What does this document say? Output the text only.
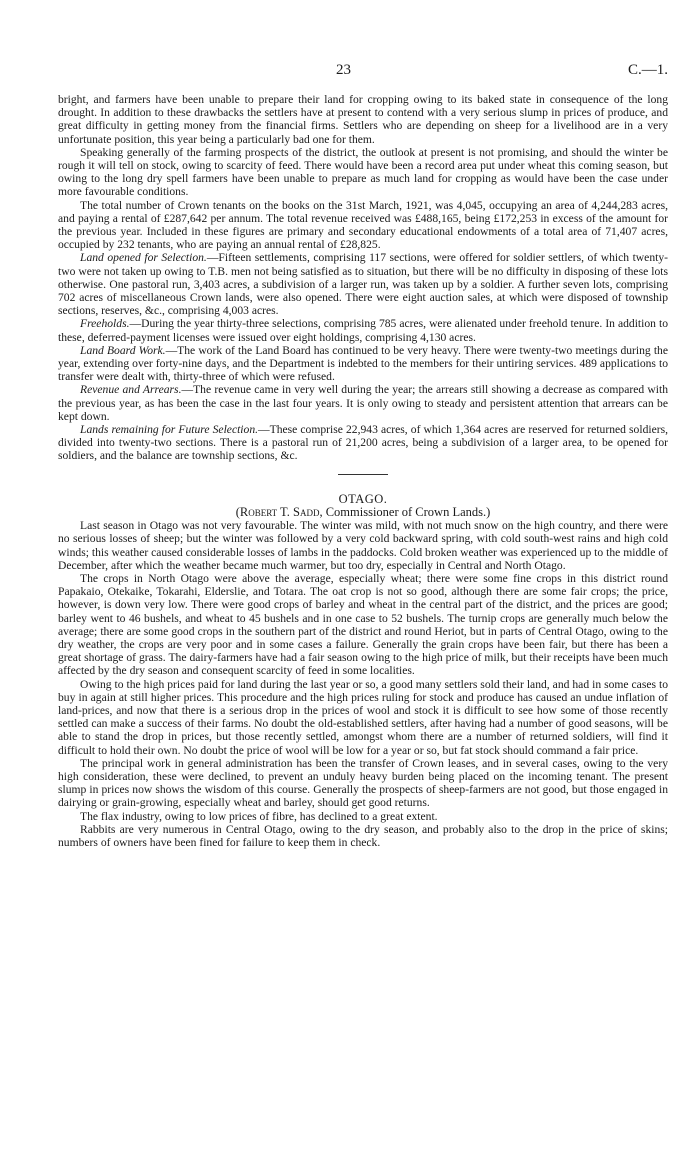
23	C.—1.

bright, and farmers have been unable to prepare their land for cropping owing to its baked state in consequence of the long drought. In addition to these drawbacks the settlers have at present to contend with a very serious slump in prices of produce, and great difficulty in getting money from the financial firms. Settlers who are depending on sheep for a livelihood are in a very unfortunate position, this year being a particularly bad one for them.

Speaking generally of the farming prospects of the district, the outlook at present is not promising, and should the winter be rough it will tell on stock, owing to scarcity of feed. There would have been a record area put under wheat this coming season, but owing to the long dry spell farmers have been unable to prepare as much land for cropping as would have been the case under more favourable conditions.

The total number of Crown tenants on the books on the 31st March, 1921, was 4,045, occupying an area of 4,244,283 acres, and paying a rental of £287,642 per annum. The total revenue received was £488,165, being £172,253 in excess of the amount for the previous year. Included in these figures are primary and secondary educational endowments of a total area of 71,407 acres, occupied by 232 tenants, who are paying an annual rental of £28,825.

Land opened for Selection.—Fifteen settlements, comprising 117 sections, were offered for soldier settlers, of which twenty-two were not taken up owing to T.B. men not being satisfied as to situation, but there will be no difficulty in disposing of these lots otherwise. One pastoral run, 3,403 acres, a subdivision of a larger run, was taken up by a soldier. A further seven lots, comprising 702 acres of miscellaneous Crown lands, were also opened. There were eight auction sales, at which were disposed of township sections, reserves, &c., comprising 4,003 acres.

Freeholds.—During the year thirty-three selections, comprising 785 acres, were alienated under freehold tenure. In addition to these, deferred-payment licenses were issued over eight holdings, comprising 4,130 acres.

Land Board Work.—The work of the Land Board has continued to be very heavy. There were twenty-two meetings during the year, extending over forty-nine days, and the Department is indebted to the members for their untiring services. 489 applications to transfer were dealt with, thirty-three of which were refused.

Revenue and Arrears.—The revenue came in very well during the year; the arrears still showing a decrease as compared with the previous year, as has been the case in the last four years. It is only owing to steady and persistent attention that arrears can be kept down.

Lands remaining for Future Selection.—These comprise 22,943 acres, of which 1,364 acres are reserved for returned soldiers, divided into twenty-two sections. There is a pastoral run of 21,200 acres, being a subdivision of a larger area, to be opened for soldiers, and the balance are township sections, &c.

OTAGO.

(Robert T. Sadd, Commissioner of Crown Lands.)

Last season in Otago was not very favourable. The winter was mild, with not much snow on the high country, and there were no serious losses of sheep; but the winter was followed by a very cold backward spring, with cold south-west rains and high cold winds; this weather caused considerable losses of lambs in the paddocks. Cold broken weather was experienced up to the middle of December, after which the weather became much warmer, but too dry, especially in Central and North Otago.

The crops in North Otago were above the average, especially wheat; there were some fine crops in this district round Papakaio, Otekaike, Tokarahi, Elderslie, and Totara. The oat crop is not so good, although there are some fair crops; the price, however, is down very low. There were good crops of barley and wheat in the central part of the district, and the prices are good; barley went to 46 bushels, and wheat to 45 bushels and in one case to 52 bushels. The turnip crops are generally much below the average; there are some good crops in the southern part of the district and round Heriot, but in parts of Central Otago, owing to the dry weather, the crops are very poor and in some cases a failure. Generally the grain crops have been fair, but there has been a great shortage of grass. The dairy-farmers have had a fair season owing to the high price of milk, but their receipts have been much affected by the dry season and consequent scarcity of feed in some localities.

Owing to the high prices paid for land during the last year or so, a good many settlers sold their land, and had in some cases to buy in again at still higher prices. This procedure and the high prices ruling for stock and produce has caused an undue inflation of land-prices, and now that there is a serious drop in the prices of wool and stock it is difficult to see how some of those recently settled can make a success of their farms. No doubt the old-established settlers, after having had a number of good seasons, will be able to stand the drop in prices, but those recently settled, amongst whom there are a number of returned soldiers, will find it difficult to hold their own. No doubt the price of wool will be low for a year or so, but fat stock should command a fair price.

The principal work in general administration has been the transfer of Crown leases, and in several cases, owing to the very high consideration, these were declined, to prevent an unduly heavy burden being placed on the incoming tenant. The present slump in prices now shows the wisdom of this course. Generally the prospects of sheep-farmers are not good, but those engaged in dairying or grain-growing, especially wheat and barley, should get good returns.

The flax industry, owing to low prices of fibre, has declined to a great extent.

Rabbits are very numerous in Central Otago, owing to the dry season, and probably also to the drop in the price of skins; numbers of owners have been fined for failure to keep them in check.
